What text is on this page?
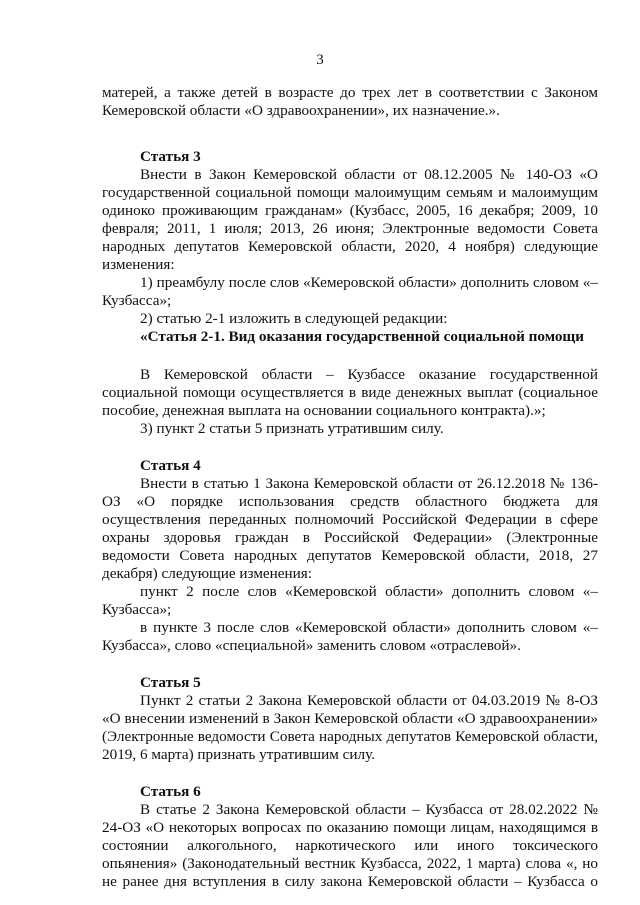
3

матерей, а также детей в возрасте до трех лет в соответствии с Законом Кемеровской области «О здравоохранении», их назначение.».

Статья 3

Внести в Закон Кемеровской области от 08.12.2005 № 140-ОЗ «О государственной социальной помощи малоимущим семьям и малоимущим одиноко проживающим гражданам» (Кузбасс, 2005, 16 декабря; 2009, 10 февраля; 2011, 1 июля; 2013, 26 июня; Электронные ведомости Совета народных депутатов Кемеровской области, 2020, 4 ноября) следующие изменения:

1) преамбулу после слов «Кемеровской области» дополнить словом «– Кузбасса»;

2) статью 2-1 изложить в следующей редакции:

«Статья 2-1. Вид оказания государственной социальной помощи

В Кемеровской области – Кузбассе оказание государственной социальной помощи осуществляется в виде денежных выплат (социальное пособие, денежная выплата на основании социального контракта).»;

3) пункт 2 статьи 5 признать утратившим силу.

Статья 4

Внести в статью 1 Закона Кемеровской области от 26.12.2018 № 136-ОЗ «О порядке использования средств областного бюджета для осуществления переданных полномочий Российской Федерации в сфере охраны здоровья граждан в Российской Федерации» (Электронные ведомости Совета народных депутатов Кемеровской области, 2018, 27 декабря) следующие изменения:

пункт 2 после слов «Кемеровской области» дополнить словом «– Кузбасса»;

в пункте 3 после слов «Кемеровской области» дополнить словом «– Кузбасса», слово «специальной» заменить словом «отраслевой».

Статья 5

Пункт 2 статьи 2 Закона Кемеровской области от 04.03.2019 № 8-ОЗ «О внесении изменений в Закон Кемеровской области «О здравоохранении» (Электронные ведомости Совета народных депутатов Кемеровской области, 2019, 6 марта) признать утратившим силу.

Статья 6

В статье 2 Закона Кемеровской области – Кузбасса от 28.02.2022 № 24-ОЗ «О некоторых вопросах по оказанию помощи лицам, находящимся в состоянии алкогольного, наркотического или иного токсического опьянения» (Законодательный вестник Кузбасса, 2022, 1 марта) слова «, но не ранее дня вступления в силу закона Кемеровской области – Кузбасса о
